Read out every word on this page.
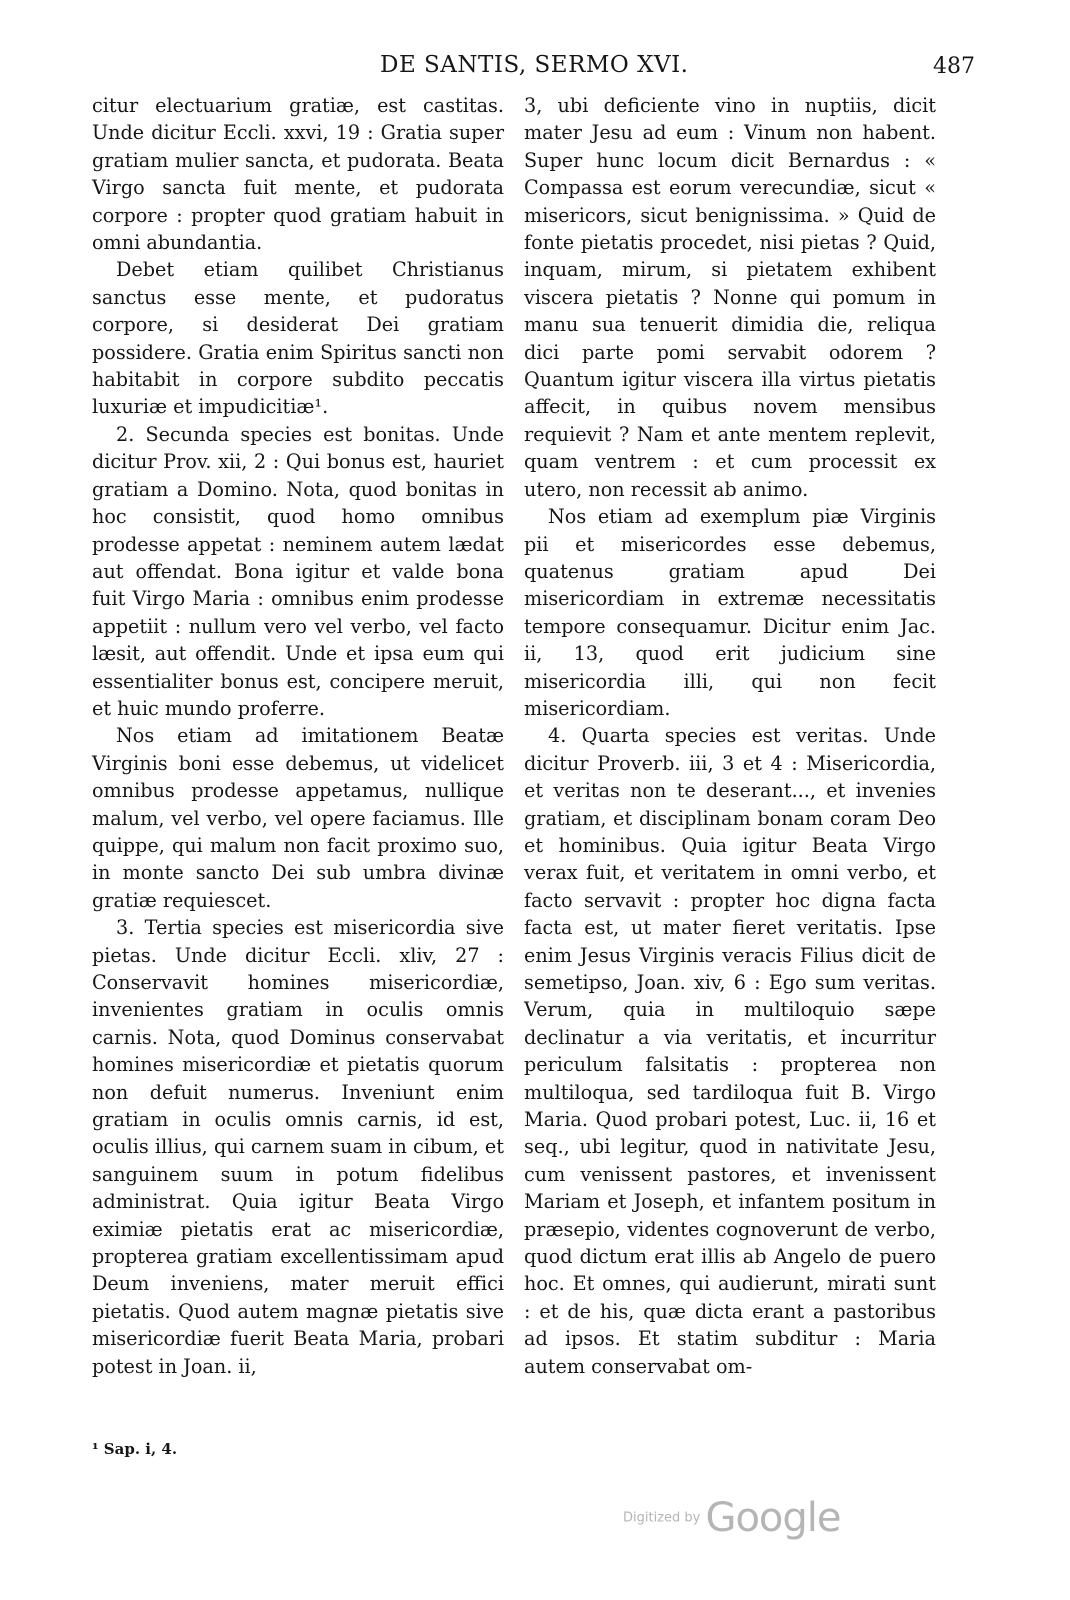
DE SANTIS, SERMO XVI.	487

citur electuarium gratiæ, est castitas. Unde dicitur Eccli. xxvi, 19 : Gratia super gratiam mulier sancta, et pudorata. Beata Virgo sancta fuit mente, et pudorata corpore : propter quod gratiam habuit in omni abundantia.

Debet etiam quilibet Christianus sanctus esse mente, et pudoratus corpore, si desiderat Dei gratiam possidere. Gratia enim Spiritus sancti non habitabit in corpore subdito peccatis luxuriæ et impudicitiæ¹.

2. Secunda species est bonitas. Unde dicitur Prov. xii, 2 : Qui bonus est, hauriet gratiam a Domino. Nota, quod bonitas in hoc consistit, quod homo omnibus prodesse appetat : neminem autem lædat aut offendat. Bona igitur et valde bona fuit Virgo Maria : omnibus enim prodesse appetiit : nullum vero vel verbo, vel facto læsit, aut offendit. Unde et ipsa eum qui essentialiter bonus est, concipere meruit, et huic mundo proferre.

Nos etiam ad imitationem Beatæ Virginis boni esse debemus, ut videlicet omnibus prodesse appetamus, nullique malum, vel verbo, vel opere faciamus. Ille quippe, qui malum non facit proximo suo, in monte sancto Dei sub umbra divinæ gratiæ requiescet.

3. Tertia species est misericordia sive pietas. Unde dicitur Eccli. xliv, 27 : Conservavit homines misericordiæ, invenientes gratiam in oculis omnis carnis. Nota, quod Dominus conservabat homines misericordiæ et pietatis quorum non defuit numerus. Inveniunt enim gratiam in oculis omnis carnis, id est, oculis illius, qui carnem suam in cibum, et sanguinem suum in potum fidelibus administrat. Quia igitur Beata Virgo eximiæ pietatis erat ac misericordiæ, propterea gratiam excellentissimam apud Deum inveniens, mater meruit effici pietatis. Quod autem magnæ pietatis sive misericordiæ fuerit Beata Maria, probari potest in Joan. ii,

3, ubi deficiente vino in nuptiis, dicit mater Jesu ad eum : Vinum non habent. Super hunc locum dicit Bernardus : « Compassa est eorum verecundiæ, sicut « misericors, sicut benignissima. » Quid de fonte pietatis procedet, nisi pietas ? Quid, inquam, mirum, si pietatem exhibent viscera pietatis ? Nonne qui pomum in manu sua tenuerit dimidia die, reliqua dici parte pomi servabit odorem ? Quantum igitur viscera illa virtus pietatis affecit, in quibus novem mensibus requievit ? Nam et ante mentem replevit, quam ventrem : et cum processit ex utero, non recessit ab animo.

Nos etiam ad exemplum piæ Virginis pii et misericordes esse debemus, quatenus gratiam apud Dei misericordiam in extremæ necessitatis tempore consequamur. Dicitur enim Jac. ii, 13, quod erit judicium sine misericordia illi, qui non fecit misericordiam.

4. Quarta species est veritas. Unde dicitur Proverb. iii, 3 et 4 : Misericordia, et veritas non te deserant..., et invenies gratiam, et disciplinam bonam coram Deo et hominibus. Quia igitur Beata Virgo verax fuit, et veritatem in omni verbo, et facto servavit : propter hoc digna facta facta est, ut mater fieret veritatis. Ipse enim Jesus Virginis veracis Filius dicit de semetipso, Joan. xiv, 6 : Ego sum veritas. Verum, quia in multiloquio sæpe declinatur a via veritatis, et incurritur periculum falsitatis : propterea non multiloqua, sed tardiloqua fuit B. Virgo Maria. Quod probari potest, Luc. ii, 16 et seq., ubi legitur, quod in nativitate Jesu, cum venissent pastores, et invenissent Mariam et Joseph, et infantem positum in præsepio, videntes cognoverunt de verbo, quod dictum erat illis ab Angelo de puero hoc. Et omnes, qui audierunt, mirati sunt : et de his, quæ dicta erant a pastoribus ad ipsos. Et statim subditur : Maria autem conservabat om-

¹ Sap. i, 4.
Digitized by Google
